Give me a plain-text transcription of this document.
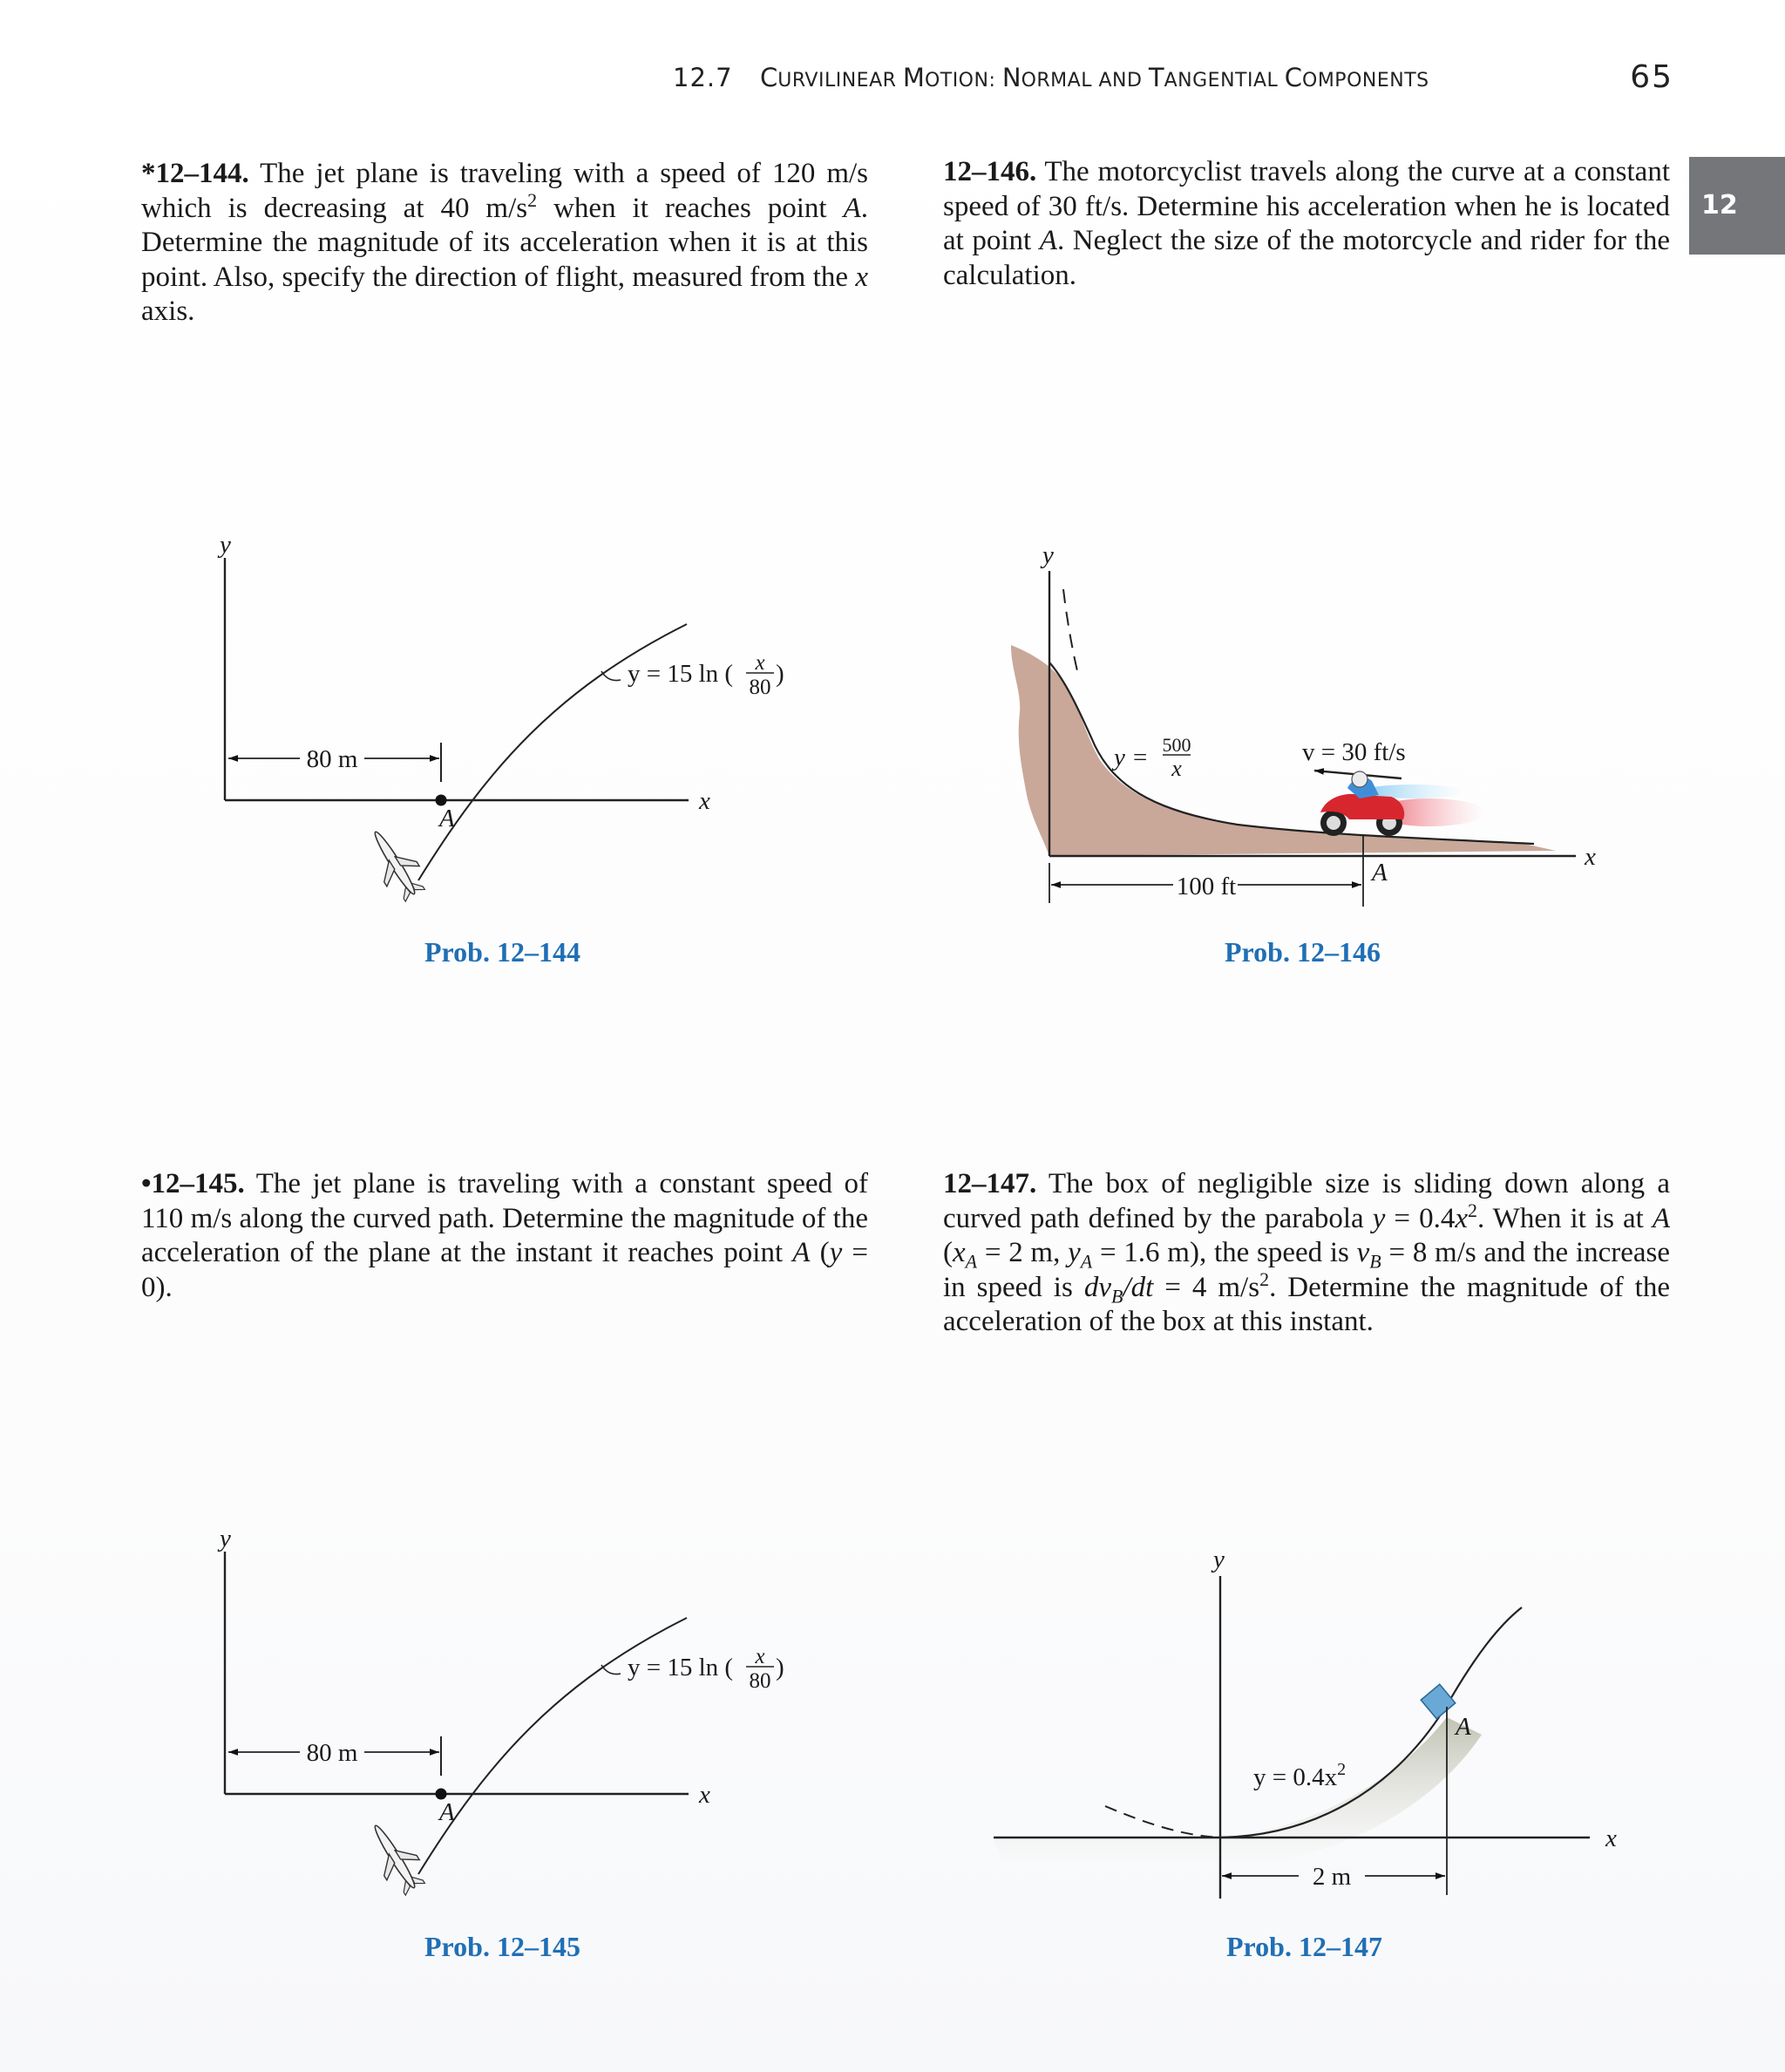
12.7 CURVILINEAR MOTION: NORMAL AND TANGENTIAL COMPONENTS	65
12
*12–144. The jet plane is traveling with a speed of 120 m/s which is decreasing at 40 $m/s^2$ when it reaches point A. Determine the magnitude of its acceleration when it is at this point. Also, specify the direction of flight, measured from the x axis.
12–146. The motorcyclist travels along the curve at a constant speed of 30 ft/s. Determine his acceleration when he is located at point A. Neglect the size of the motorcycle and rider for the calculation.
•12–145. The jet plane is traveling with a constant speed of 110 m/s along the curved path. Determine the magnitude of the acceleration of the plane at the instant it reaches point A (y = 0).
12–147. The box of negligible size is sliding down along a curved path defined by the parabola $y = 0.4x^2$. When it is at A ($x_A = 2$ m, $y_A = 1.6$ m), the speed is $v_B = 8$ m/s and the increase in speed is $dv_B/dt = 4$ $m/s^2$. Determine the magnitude of the acceleration of the box at this instant.
y
x
A
80 m
y = 15 ln ( x
80 )
y
x
A
80 m
y = 15 ln ( x
80 )
y
x
y = 500
x
v = 30 ft/s
A
100 ft
y
x
A
$y = 0.4x^2$
2 m
Prob. 12–144	Prob. 12–146
Prob. 12–145	Prob. 12–147
